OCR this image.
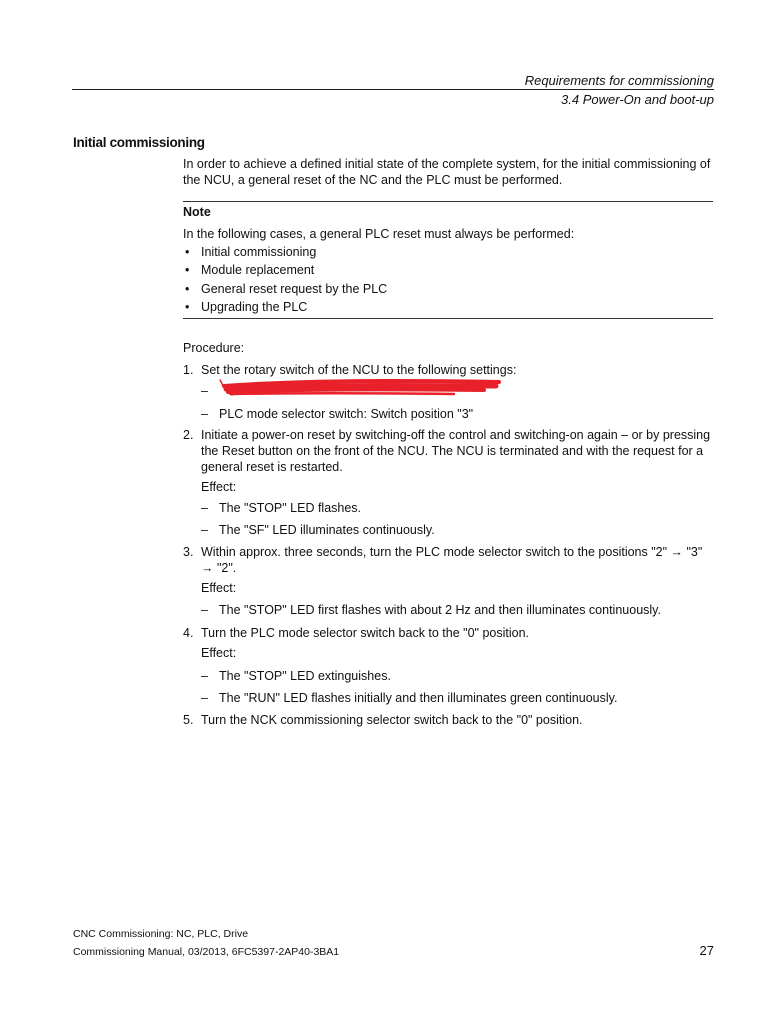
Requirements for commissioning
3.4 Power-On and boot-up
Initial commissioning
In order to achieve a defined initial state of the complete system, for the initial commissioning of the NCU, a general reset of the NC and the PLC must be performed.
Note
In the following cases, a general PLC reset must always be performed:
• Initial commissioning
• Module replacement
• General reset request by the PLC
• Upgrading the PLC
Procedure:
1. Set the rotary switch of the NCU to the following settings:
–
– PLC mode selector switch: Switch position "3"
2. Initiate a power-on reset by switching-off the control and switching-on again – or by pressing the Reset button on the front of the NCU. The NCU is terminated and with the request for a general reset is restarted.
Effect:
– The "STOP" LED flashes.
– The "SF" LED illuminates continuously.
3. Within approx. three seconds, turn the PLC mode selector switch to the positions "2" → "3" → "2".
Effect:
– The "STOP" LED first flashes with about 2 Hz and then illuminates continuously.
4. Turn the PLC mode selector switch back to the "0" position.
Effect:
– The "STOP" LED extinguishes.
– The "RUN" LED flashes initially and then illuminates green continuously.
5. Turn the NCK commissioning selector switch back to the "0" position.
CNC Commissioning: NC, PLC, Drive
Commissioning Manual, 03/2013, 6FC5397-2AP40-3BA1	27
